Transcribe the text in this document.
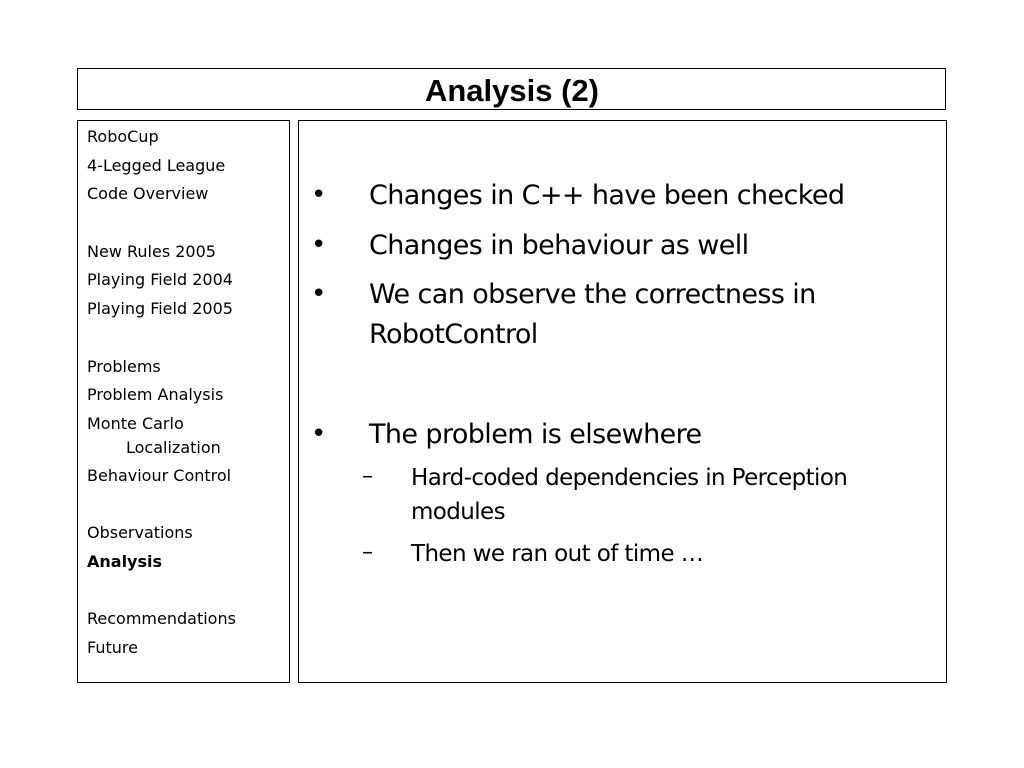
Analysis (2)
RoboCup
4-Legged League
Code Overview
New Rules 2005
Playing Field 2004
Playing Field 2005
Problems
Problem Analysis
Monte Carlo
Localization
Behaviour Control
Observations
Analysis
Recommendations
Future
• Changes in C++ have been checked
• Changes in behaviour as well
• We can observe the correctness in
RobotControl
• The problem is elsewhere
– Hard-coded dependencies in Perception
modules
– Then we ran out of time …
